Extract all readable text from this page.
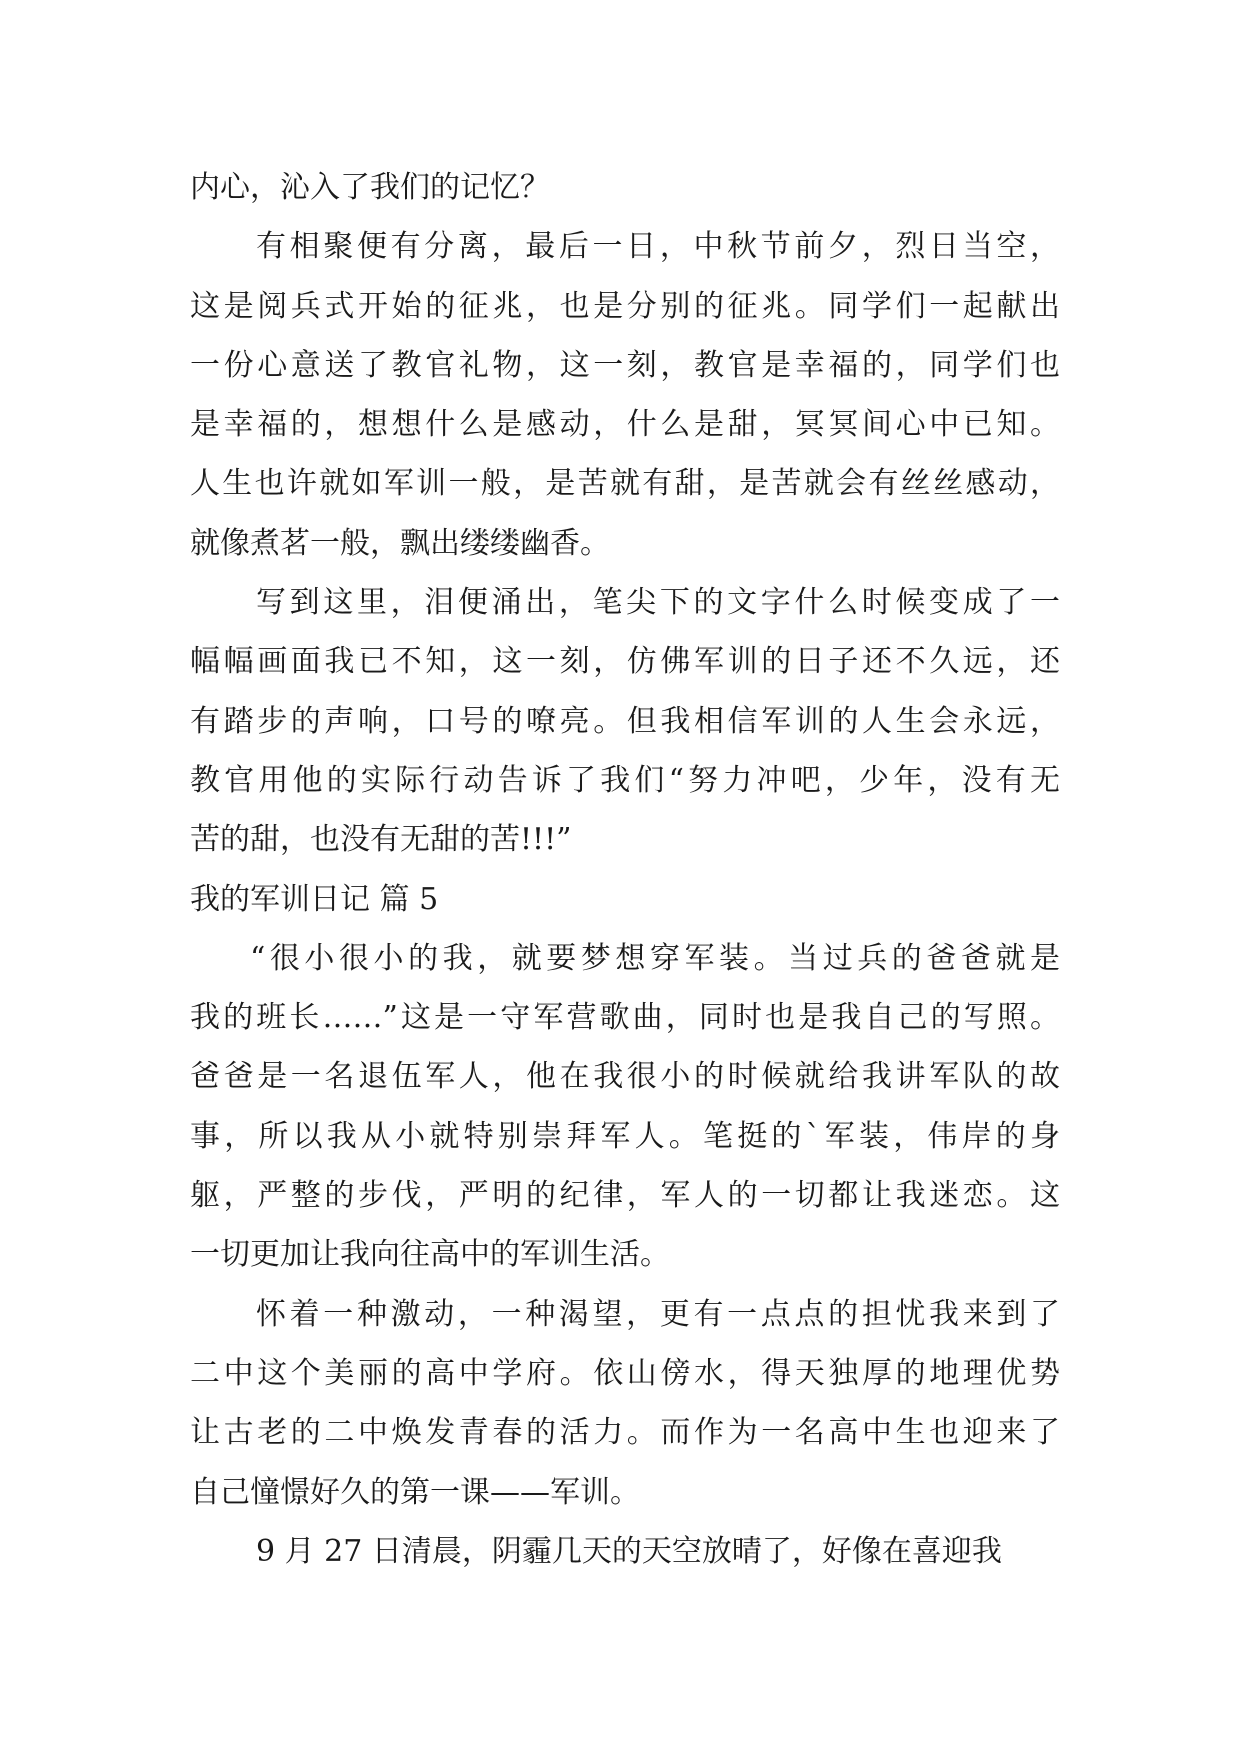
内心，沁入了我们的记忆？
有相聚便有分离，最后一日，中秋节前夕，烈日当空，
这是阅兵式开始的征兆，也是分别的征兆。同学们一起献出
一份心意送了教官礼物，这一刻，教官是幸福的，同学们也
是幸福的，想想什么是感动，什么是甜，冥冥间心中已知。
人生也许就如军训一般，是苦就有甜，是苦就会有丝丝感动，
就像煮茗一般，飘出缕缕幽香。
写到这里，泪便涌出，笔尖下的文字什么时候变成了一
幅幅画面我已不知，这一刻，仿佛军训的日子还不久远，还
有踏步的声响，口号的嘹亮。但我相信军训的人生会永远，
教官用他的实际行动告诉了我们“努力冲吧，少年，没有无
苦的甜，也没有无甜的苦!!!”
我的军训日记 篇 5
“很小很小的我，就要梦想穿军装。当过兵的爸爸就是
我的班长……”这是一守军营歌曲，同时也是我自己的写照。
爸爸是一名退伍军人，他在我很小的时候就给我讲军队的故
事，所以我从小就特别崇拜军人。笔挺的`军装，伟岸的身
躯，严整的步伐，严明的纪律，军人的一切都让我迷恋。这
一切更加让我向往高中的军训生活。
怀着一种激动，一种渴望，更有一点点的担忧我来到了
二中这个美丽的高中学府。依山傍水，得天独厚的地理优势
让古老的二中焕发青春的活力。而作为一名高中生也迎来了
自己憧憬好久的第一课——军训。
9 月 27 日清晨，阴霾几天的天空放晴了，好像在喜迎我
